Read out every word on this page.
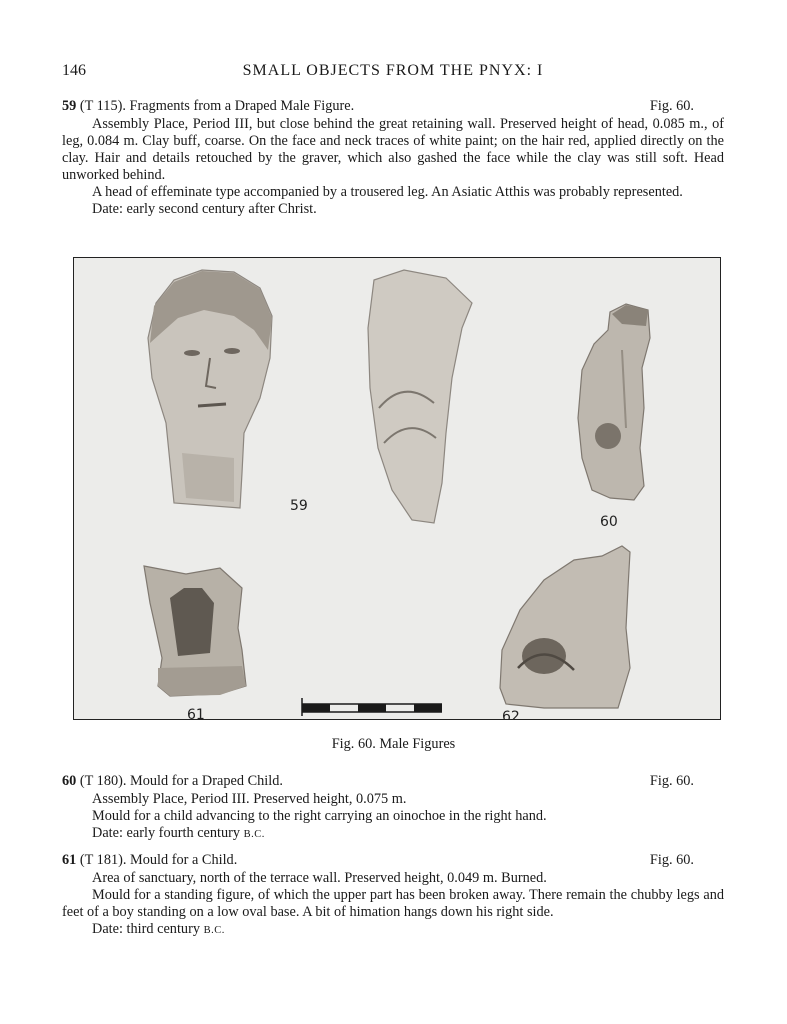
146	SMALL OBJECTS FROM THE PNYX: I
59 (T 115). Fragments from a Draped Male Figure.	Fig. 60.

Assembly Place, Period III, but close behind the great retaining wall. Preserved height of head, 0.085 m., of leg, 0.084 m. Clay buff, coarse. On the face and neck traces of white paint; on the hair red, applied directly on the clay. Hair and details retouched by the graver, which also gashed the face while the clay was still soft. Head unworked behind.

A head of effeminate type accompanied by a trousered leg. An Asiatic Atthis was probably represented.

Date: early second century after Christ.

59
60
61	62
Fig. 60. Male Figures
60 (T 180). Mould for a Draped Child.	Fig. 60.

Assembly Place, Period III. Preserved height, 0.075 m.

Mould for a child advancing to the right carrying an oinochoe in the right hand.

Date: early fourth century B.C.

61 (T 181). Mould for a Child.	Fig. 60.

Area of sanctuary, north of the terrace wall. Preserved height, 0.049 m. Burned.

Mould for a standing figure, of which the upper part has been broken away. There remain the chubby legs and feet of a boy standing on a low oval base. A bit of himation hangs down his right side.

Date: third century B.C.
